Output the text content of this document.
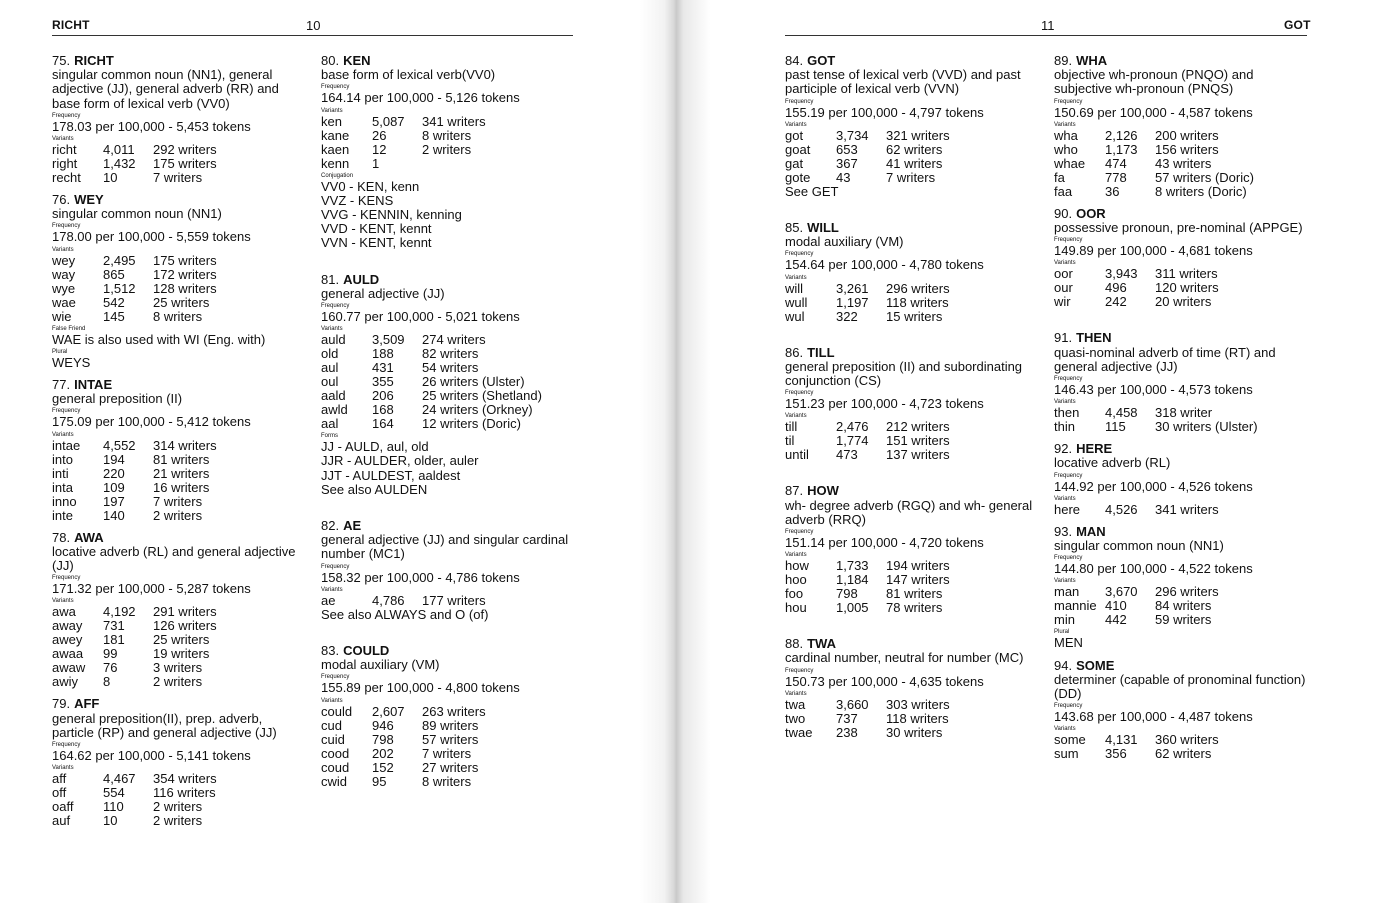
RICHT	10
75. RICHT
singular common noun (NN1), general adjective (JJ), general adverb (RR) and base form of lexical verb (VV0)
Frequency
178.03 per 100,000 - 5,453 tokens
Variants
richt	4,011	292 writers
right	1,432	175 writers
recht	10	7 writers
76. WEY
singular common noun (NN1)
Frequency
178.00 per 100,000 - 5,559 tokens
Variants
wey	2,495	175 writers
way	865	172 writers
wye	1,512	128 writers
wae	542	25 writers
wie	145	8 writers
False Friend
WAE is also used with WI (Eng. with)
Plural
WEYS
77. INTAE
general preposition (II)
Frequency
175.09 per 100,000 - 5,412 tokens
Variants
intae	4,552	314 writers
into	194	81 writers
inti	220	21 writers
inta	109	16 writers
inno	197	7 writers
inte	140	2 writers
78. AWA
locative adverb (RL) and general adjective (JJ)
Frequency
171.32 per 100,000 - 5,287 tokens
Variants
awa	4,192	291 writers
away	731	126 writers
awey	181	25 writers
awaa	99	19 writers
awaw	76	3 writers
awiy	8	2 writers
79. AFF
general preposition(II), prep. adverb, particle (RP) and general adjective (JJ)
Frequency
164.62 per 100,000 - 5,141 tokens
Variants
aff	4,467	354 writers
off	554	116 writers
oaff	110	2 writers
auf	10	2 writers
80. KEN
base form of lexical verb(VV0)
Frequency
164.14 per 100,000 - 5,126 tokens
Variants
ken	5,087	341 writers
kane	26	8 writers
kaen	12	2 writers
kenn	1	
Conjugation
VV0 - KEN, kenn
VVZ - KENS
VVG - KENNIN, kenning
VVD - KENT, kennt
VVN - KENT, kennt
81. AULD
general adjective (JJ)
Frequency
160.77 per 100,000 - 5,021 tokens
Variants
auld	3,509	274 writers
old	188	82 writers
aul	431	54 writers
oul	355	26 writers (Ulster)
aald	206	25 writers (Shetland)
awld	168	24 writers (Orkney)
aal	164	12 writers (Doric)
Forms
JJ - AULD, aul, old
JJR - AULDER, older, auler
JJT - AULDEST, aaldest
See also AULDEN
82. AE
general adjective (JJ) and singular cardinal number (MC1)
Frequency
158.32 per 100,000 - 4,786 tokens
Variants
ae	4,786	177 writers
See also ALWAYS and O (of)
83. COULD
modal auxiliary (VM)
Frequency
155.89 per 100,000 - 4,800 tokens
Variants
could	2,607	263 writers
cud	946	89 writers
cuid	798	57 writers
cood	202	7 writers
coud	152	27 writers
cwid	95	8 writers
11	GOT
84. GOT
past tense of lexical verb (VVD) and past participle of lexical verb (VVN)
Frequency
155.19 per 100,000 - 4,797 tokens
Variants
got	3,734	321 writers
goat	653	62 writers
gat	367	41 writers
gote	43	7 writers
See GET
85. WILL
modal auxiliary (VM)
Frequency
154.64 per 100,000 - 4,780 tokens
Variants
will	3,261	296 writers
wull	1,197	118 writers
wul	322	15 writers
86. TILL
general preposition (II) and subordinating conjunction (CS)
Frequency
151.23 per 100,000 - 4,723 tokens
Variants
till	2,476	212 writers
til	1,774	151 writers
until	473	137 writers
87. HOW
wh- degree adverb (RGQ) and wh- general adverb (RRQ)
Frequency
151.14 per 100,000 - 4,720 tokens
Variants
how	1,733	194 writers
hoo	1,184	147 writers
foo	798	81 writers
hou	1,005	78 writers
88. TWA
cardinal number, neutral for number (MC)
Frequency
150.73 per 100,000 - 4,635 tokens
Variants
twa	3,660	303 writers
two	737	118 writers
twae	238	30 writers
89. WHA
objective wh-pronoun (PNQO) and subjective wh-pronoun (PNQS)
Frequency
150.69 per 100,000 - 4,587 tokens
Variants
wha	2,126	200 writers
who	1,173	156 writers
whae	474	43 writers
fa	778	57 writers (Doric)
faa	36	8 writers (Doric)
90. OOR
possessive pronoun, pre-nominal (APPGE)
Frequency
149.89 per 100,000 - 4,681 tokens
Variants
oor	3,943	311 writers
our	496	120 writers
wir	242	20 writers
91. THEN
quasi-nominal adverb of time (RT) and general adjective (JJ)
Frequency
146.43 per 100,000 - 4,573 tokens
Variants
then	4,458	318 writer
thin	115	30 writers (Ulster)
92. HERE
locative adverb (RL)
Frequency
144.92 per 100,000 - 4,526 tokens
Variants
here	4,526	341 writers
93. MAN
singular common noun (NN1)
Frequency
144.80 per 100,000 - 4,522 tokens
Variants
man	3,670	296 writers
mannie	410	84 writers
min	442	59 writers
Plural
MEN
94. SOME
determiner (capable of pronominal function) (DD)
Frequency
143.68 per 100,000 - 4,487 tokens
Variants
some	4,131	360 writers
sum	356	62 writers
